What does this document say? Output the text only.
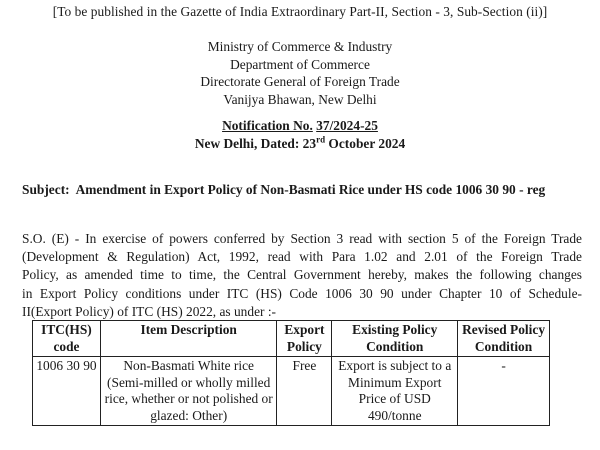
[To be published in the Gazette of India Extraordinary Part-II, Section - 3, Sub-Section (ii)]
Ministry of Commerce & Industry
Department of Commerce
Directorate General of Foreign Trade
Vanijya Bhawan, New Delhi
Notification No. 37/2024-25
New Delhi, Dated: 23rd October 2024
Subject: Amendment in Export Policy of Non-Basmati Rice under HS code 1006 30 90 - reg
S.O. (E) - In exercise of powers conferred by Section 3 read with section 5 of the Foreign Trade
(Development & Regulation) Act, 1992, read with Para 1.02 and 2.01 of the Foreign Trade
Policy, as amended time to time, the Central Government hereby, makes the following changes
in Export Policy conditions under ITC (HS) Code 1006 30 90 under Chapter 10 of Schedule-
II(Export Policy) of ITC (HS) 2022, as under :-
ITC(HS) code	Item Description	Export Policy	Existing Policy Condition	Revised Policy Condition
1006 30 90	Non-Basmati White rice (Semi-milled or wholly milled rice, whether or not polished or glazed: Other)	Free	Export is subject to a Minimum Export Price of USD 490/tonne	-
